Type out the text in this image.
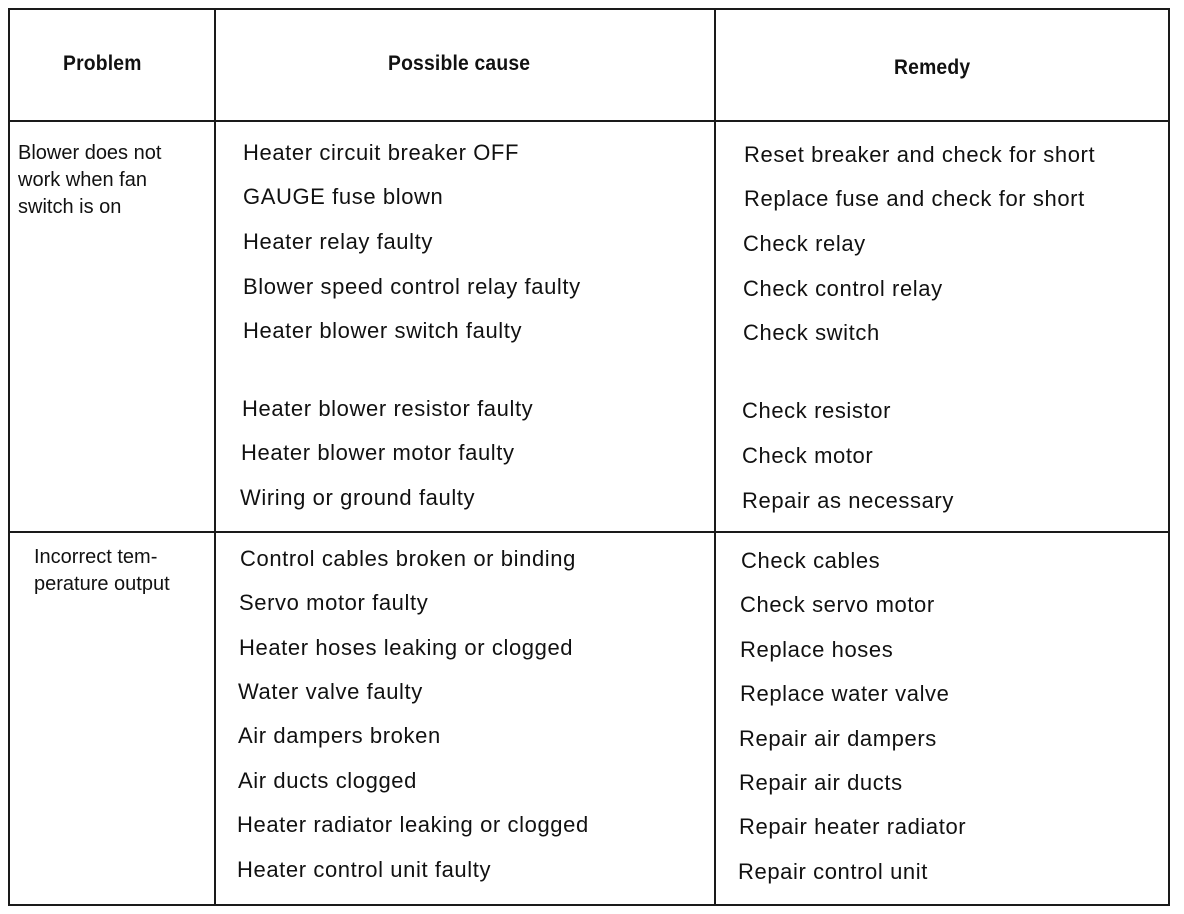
Problem	Possible cause	Remedy
Blower does not
work when fan
switch is on
Heater circuit breaker OFF	Reset breaker and check for short
GAUGE fuse blown	Replace fuse and check for short
Heater relay faulty	Check relay
Blower speed control relay faulty	Check control relay
Heater blower switch faulty	Check switch
Heater blower resistor faulty	Check resistor
Heater blower motor faulty	Check motor
Wiring or ground faulty	Repair as necessary
Incorrect tem-
perature output
Control cables broken or binding	Check cables
Servo motor faulty	Check servo motor
Heater hoses leaking or clogged	Replace hoses
Water valve faulty	Replace water valve
Air dampers broken	Repair air dampers
Air ducts clogged	Repair air ducts
Heater radiator leaking or clogged	Repair heater radiator
Heater control unit faulty	Repair control unit
